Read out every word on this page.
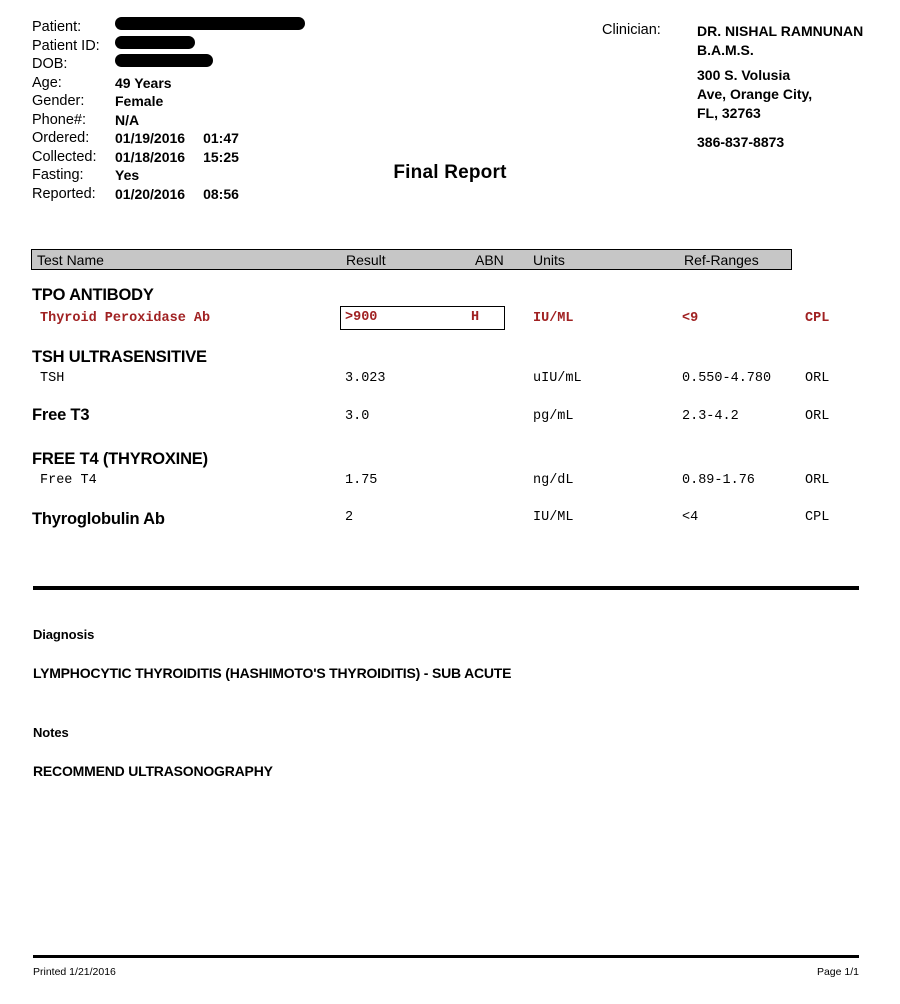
Patient:
Patient ID:
DOB:
Age:	49 Years
Gender:	Female
Phone#:	N/A
Ordered:	01/19/2016 01:47
Collected:	01/18/2016 15:25
Fasting:	Yes
Reported:	01/20/2016 08:56
Clinician:	DR. NISHAL RAMNUNAN
B.A.M.S.
300 S. Volusia
Ave, Orange City,
FL, 32763
386-837-8873
Final Report
Test Name	Result	ABN Units	Ref-Ranges
TPO ANTIBODY
Thyroid Peroxidase Ab	>900	H	IU/ML	<9	CPL
TSH ULTRASENSITIVE
TSH	3.023	uIU/mL	0.550-4.780	ORL
Free T3	3.0	pg/mL	2.3-4.2	ORL
FREE T4 (THYROXINE)
Free T4	1.75	ng/dL	0.89-1.76	ORL
Thyroglobulin Ab	2	IU/ML	<4	CPL
Diagnosis
LYMPHOCYTIC THYROIDITIS (HASHIMOTO'S THYROIDITIS) - SUB ACUTE
Notes
RECOMMEND ULTRASONOGRAPHY
Printed 1/21/2016	Page 1/1
